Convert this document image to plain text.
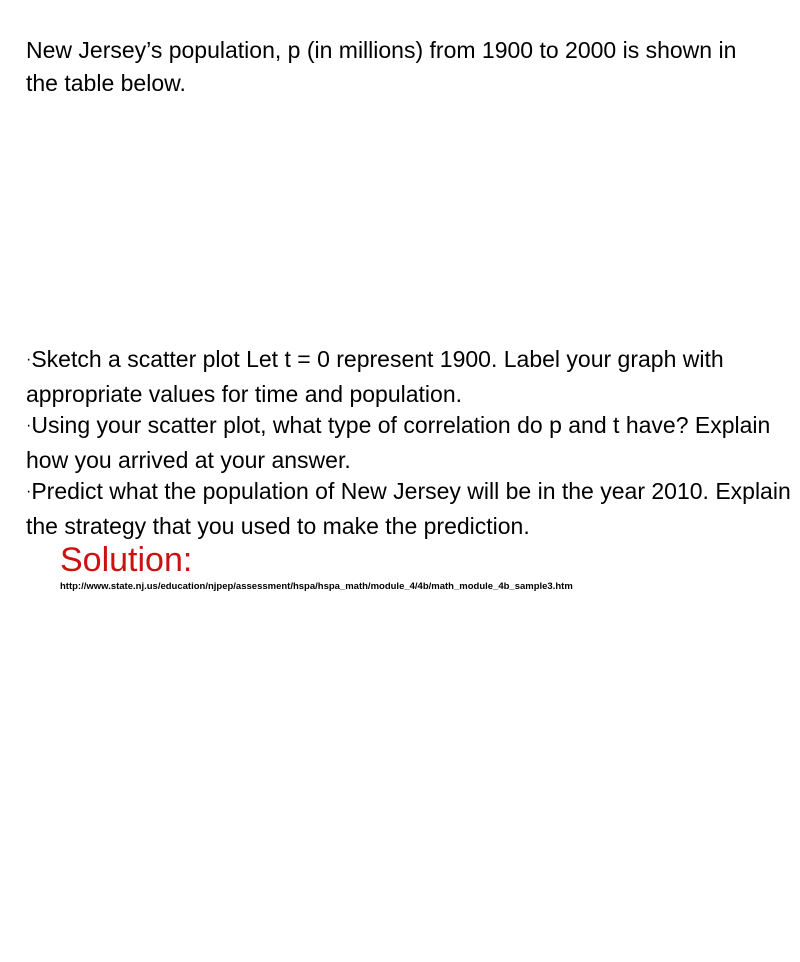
New Jersey’s population, p (in millions) from 1900 to 2000 is shown in the table below.

·Sketch a scatter plot Let t = 0 represent 1900. Label your graph with appropriate values for time and population.
·Using your scatter plot, what type of correlation do p and t have? Explain how you arrived at your answer.
·Predict what the population of New Jersey will be in the year 2010. Explain the strategy that you used to make the prediction.
Solution:
http://www.state.nj.us/education/njpep/assessment/hspa/hspa_math/module_4/4b/math_module_4b_sample3.htm
